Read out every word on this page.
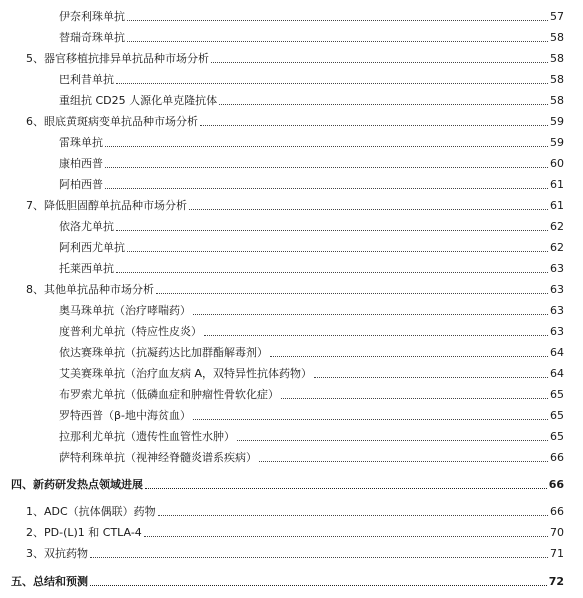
伊奈利珠单抗	57
替瑞奇珠单抗	58
5、器官移植抗排异单抗品种市场分析	58
巴利昔单抗	58
重组抗 CD25 人源化单克隆抗体	58
6、眼底黄斑病变单抗品种市场分析	59
雷珠单抗	59
康柏西普	60
阿柏西普	61
7、降低胆固醇单抗品种市场分析	61
依洛尤单抗	62
阿利西尤单抗	62
托莱西单抗	63
8、其他单抗品种市场分析	63
奥马珠单抗（治疗哮喘药）	63
度普利尤单抗（特应性皮炎）	63
依达赛珠单抗（抗凝药达比加群酯解毒剂）	64
艾美赛珠单抗（治疗血友病 A，双特异性抗体药物）	64
布罗索尤单抗（低磷血症和肿瘤性骨软化症）	65
罗特西普（β-地中海贫血）	65
拉那利尤单抗（遗传性血管性水肿）	65
萨特利珠单抗（视神经脊髓炎谱系疾病）	66
四、新药研发热点领域进展	66
1、ADC（抗体偶联）药物	66
2、PD-(L)1 和 CTLA-4	70
3、双抗药物	71
五、总结和预测	72
